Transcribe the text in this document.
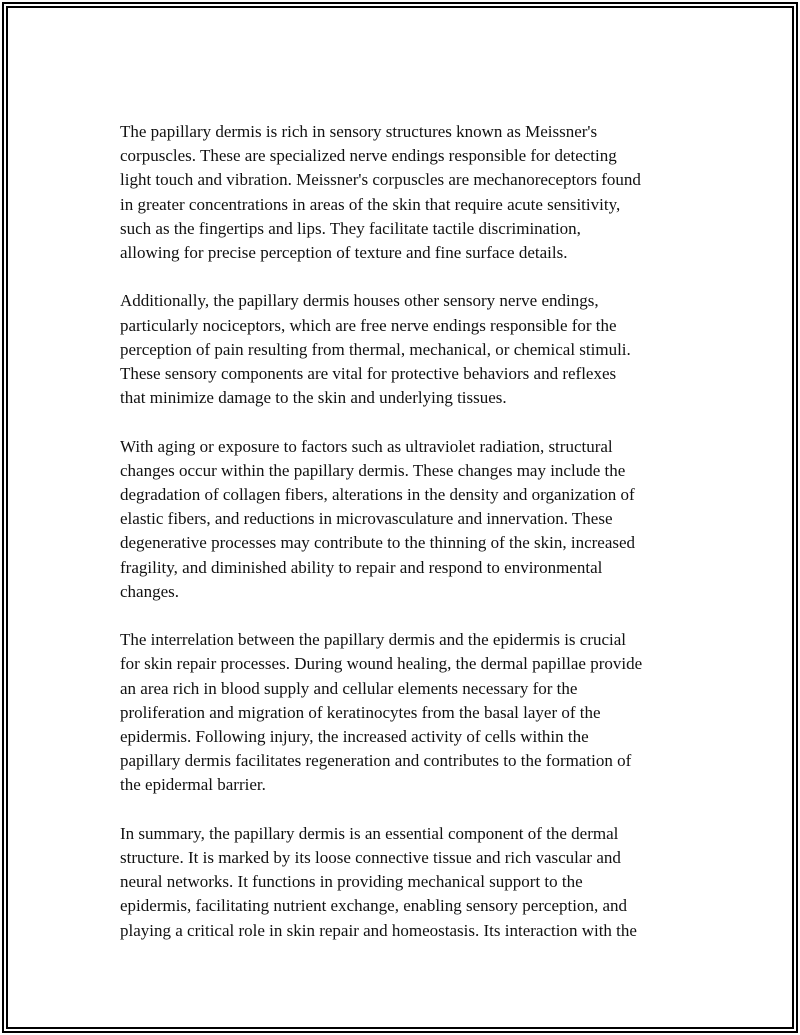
The papillary dermis is rich in sensory structures known as Meissner's
corpuscles. These are specialized nerve endings responsible for detecting
light touch and vibration. Meissner's corpuscles are mechanoreceptors found
in greater concentrations in areas of the skin that require acute sensitivity,
such as the fingertips and lips. They facilitate tactile discrimination,
allowing for precise perception of texture and fine surface details.

Additionally, the papillary dermis houses other sensory nerve endings,
particularly nociceptors, which are free nerve endings responsible for the
perception of pain resulting from thermal, mechanical, or chemical stimuli.
These sensory components are vital for protective behaviors and reflexes
that minimize damage to the skin and underlying tissues.

With aging or exposure to factors such as ultraviolet radiation, structural
changes occur within the papillary dermis. These changes may include the
degradation of collagen fibers, alterations in the density and organization of
elastic fibers, and reductions in microvasculature and innervation. These
degenerative processes may contribute to the thinning of the skin, increased
fragility, and diminished ability to repair and respond to environmental
changes.

The interrelation between the papillary dermis and the epidermis is crucial
for skin repair processes. During wound healing, the dermal papillae provide
an area rich in blood supply and cellular elements necessary for the
proliferation and migration of keratinocytes from the basal layer of the
epidermis. Following injury, the increased activity of cells within the
papillary dermis facilitates regeneration and contributes to the formation of
the epidermal barrier.

In summary, the papillary dermis is an essential component of the dermal
structure. It is marked by its loose connective tissue and rich vascular and
neural networks. It functions in providing mechanical support to the
epidermis, facilitating nutrient exchange, enabling sensory perception, and
playing a critical role in skin repair and homeostasis. Its interaction with the
